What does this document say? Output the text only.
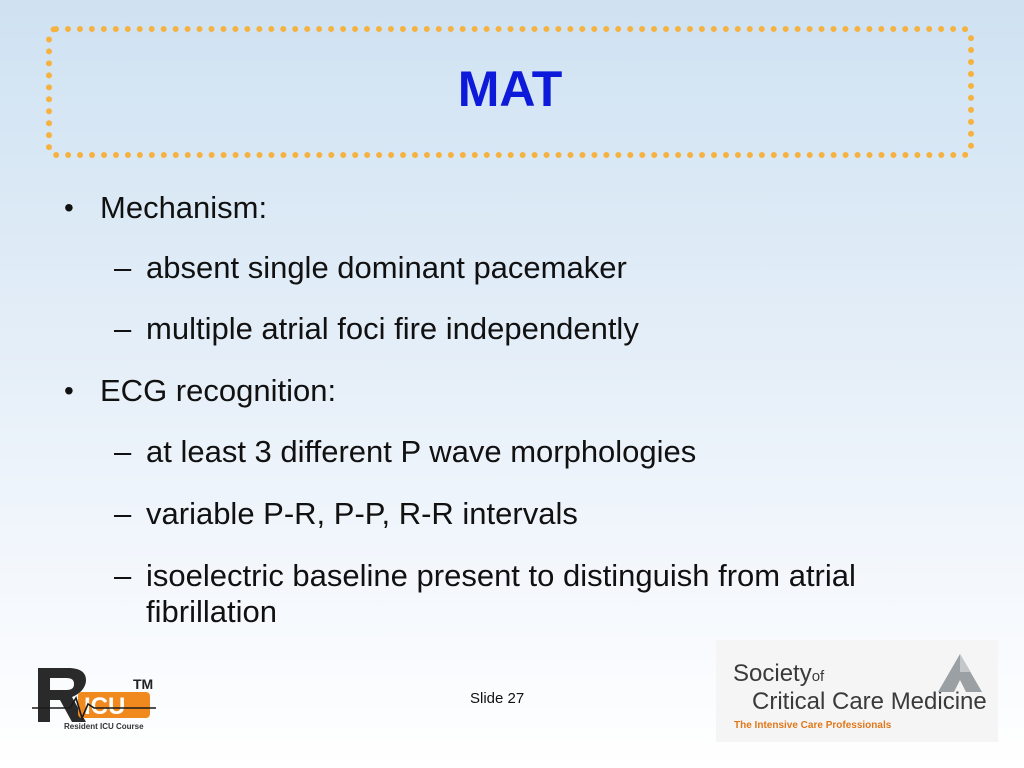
MAT
• Mechanism:
– absent single dominant pacemaker
– multiple atrial foci fire independently
• ECG recognition:
– at least 3 different P wave morphologies
– variable P-R, P-P, R-R intervals
– isoelectric baseline present to distinguish from atrial fibrillation
ICU
TM
Resident ICU Course
Slide 27
Societyof
Critical Care Medicine
The Intensive Care Professionals
